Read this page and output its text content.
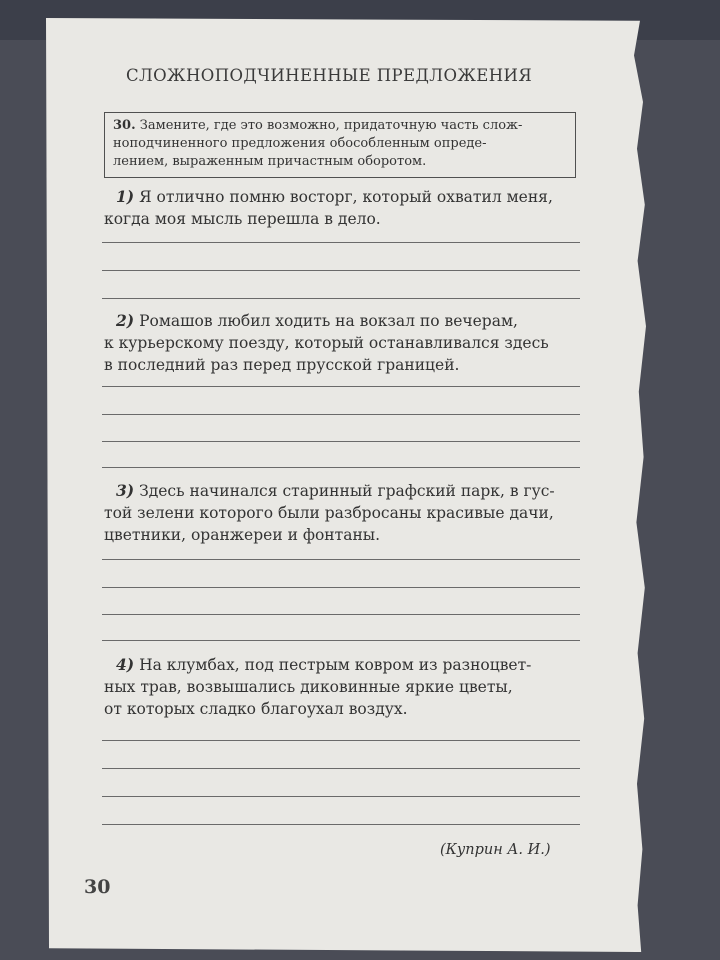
СЛОЖНОПОДЧИНЕННЫЕ ПРЕДЛОЖЕНИЯ
30. Замените, где это возможно, придаточную часть слож-
ноподчиненного предложения обособленным опреде-
лением, выраженным причастным оборотом.
1) Я отлично помню восторг, который охватил меня,
когда моя мысль перешла в дело.
2) Ромашов любил ходить на вокзал по вечерам,
к курьерскому поезду, который останавливался здесь
в последний раз перед прусской границей.
3) Здесь начинался старинный графский парк, в гус-
той зелени которого были разбросаны красивые дачи,
цветники, оранжереи и фонтаны.
4) На клумбах, под пестрым ковром из разноцвет-
ных трав, возвышались диковинные яркие цветы,
от которых сладко благоухал воздух.
(Куприн А. И.)
30
